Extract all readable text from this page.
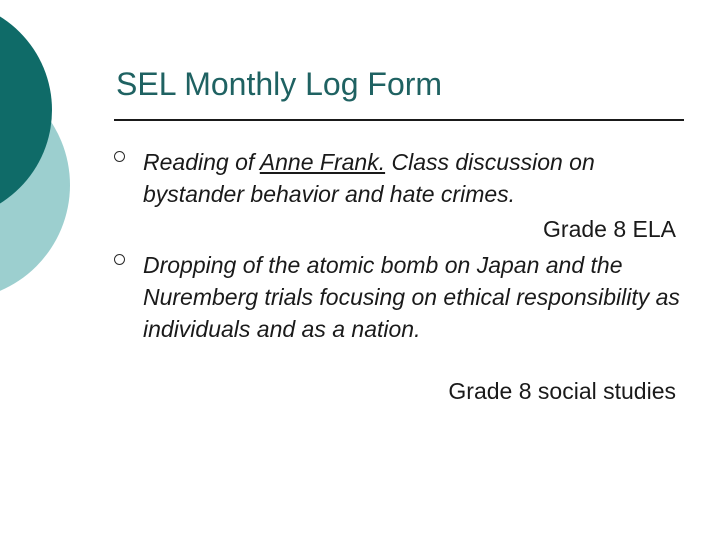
SEL Monthly Log Form
Reading of Anne Frank. Class discussion on bystander behavior and hate crimes.
Grade 8 ELA
Dropping of the atomic bomb on Japan and the Nuremberg trials focusing on ethical responsibility as individuals and as a nation.
Grade 8 social studies
